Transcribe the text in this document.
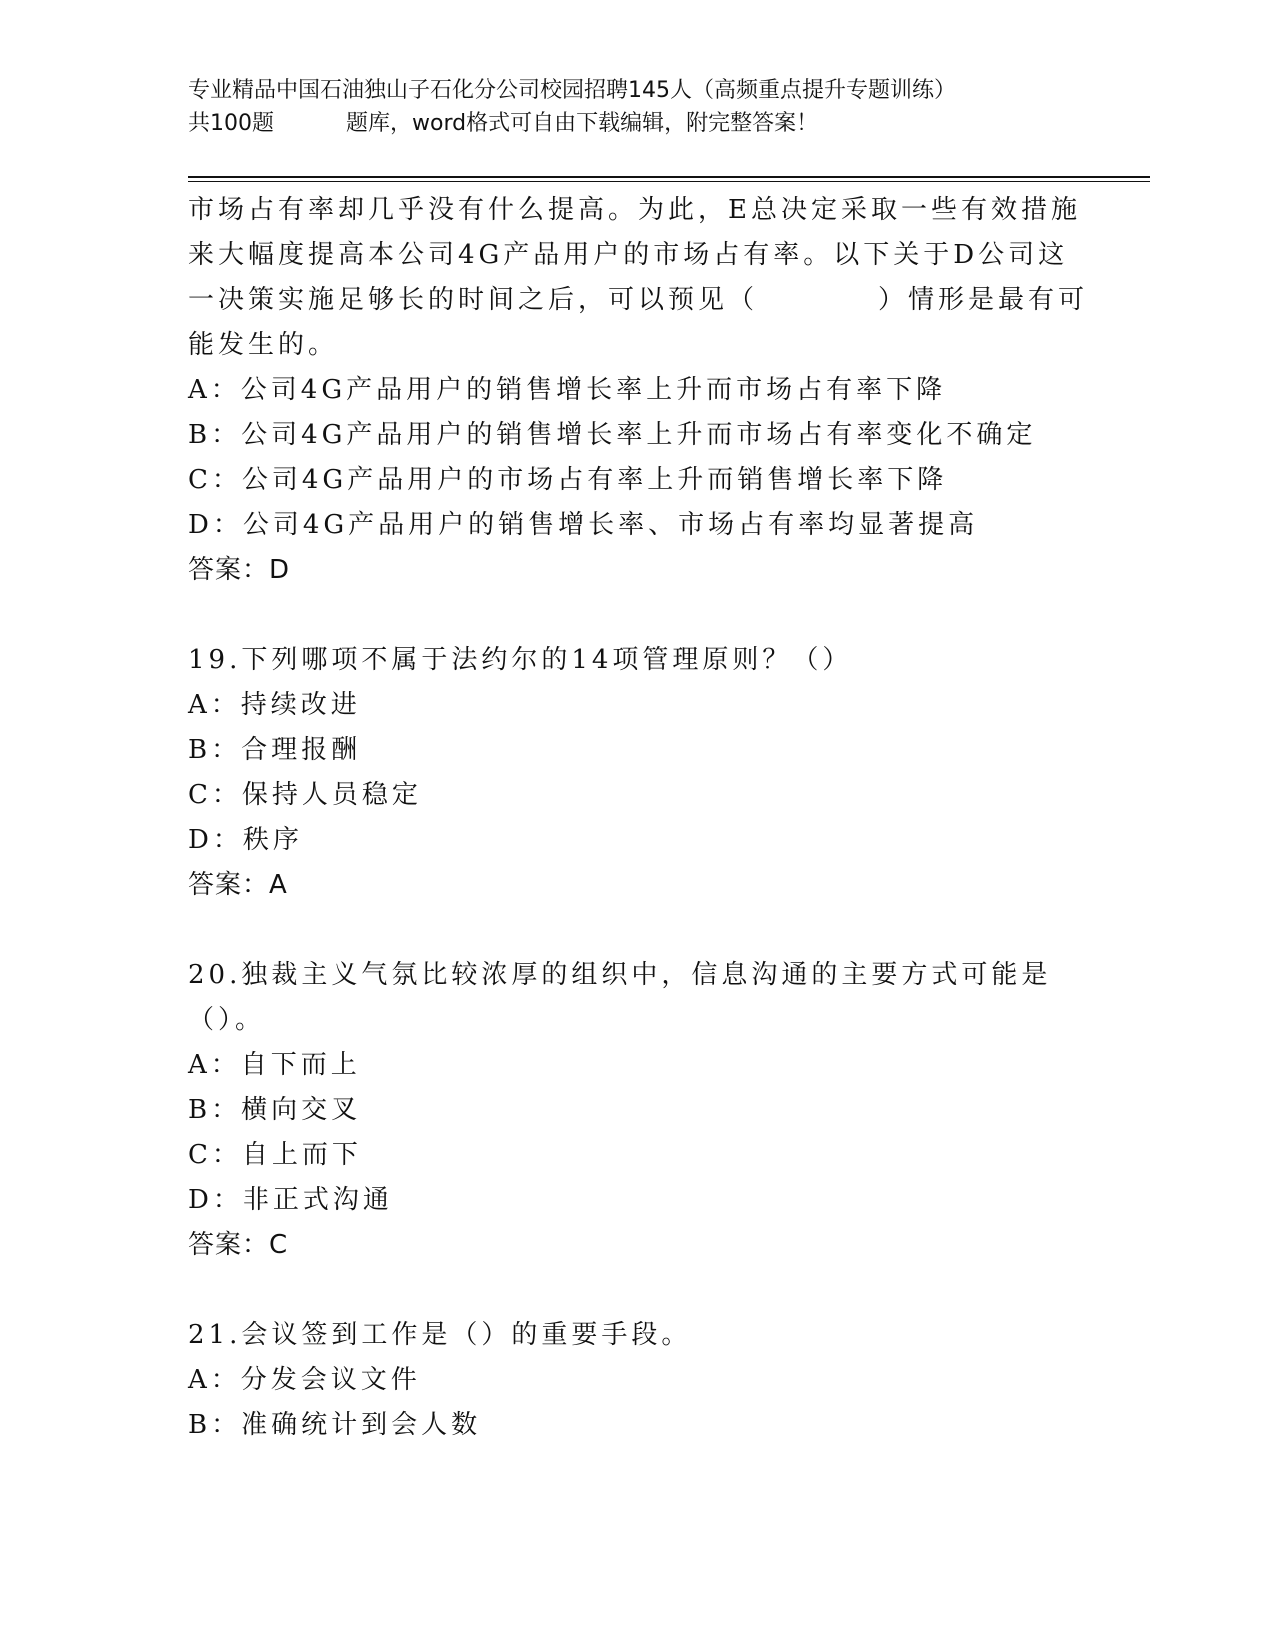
专业精品中国石油独山子石化分公司校园招聘145人（高频重点提升专题训练）
共100题	题库，word格式可自由下载编辑，附完整答案！

市场占有率却几乎没有什么提高。为此，E总决定采取一些有效措施来大幅度提高本公司4G产品用户的市场占有率。以下关于D公司这一决策实施足够长的时间之后，可以预见（　　　　）情形是最有可能发生的。

A：公司4G产品用户的销售增长率上升而市场占有率下降

B：公司4G产品用户的销售增长率上升而市场占有率变化不确定

C：公司4G产品用户的市场占有率上升而销售增长率下降

D：公司4G产品用户的销售增长率、市场占有率均显著提高

答案：D

19.下列哪项不属于法约尔的14项管理原则？（）

A：持续改进

B：合理报酬

C：保持人员稳定

D：秩序

答案：A

20.独裁主义气氛比较浓厚的组织中，信息沟通的主要方式可能是（）。

A：自下而上

B：横向交叉

C：自上而下

D：非正式沟通

答案：C

21.会议签到工作是（）的重要手段。

A：分发会议文件

B：准确统计到会人数
